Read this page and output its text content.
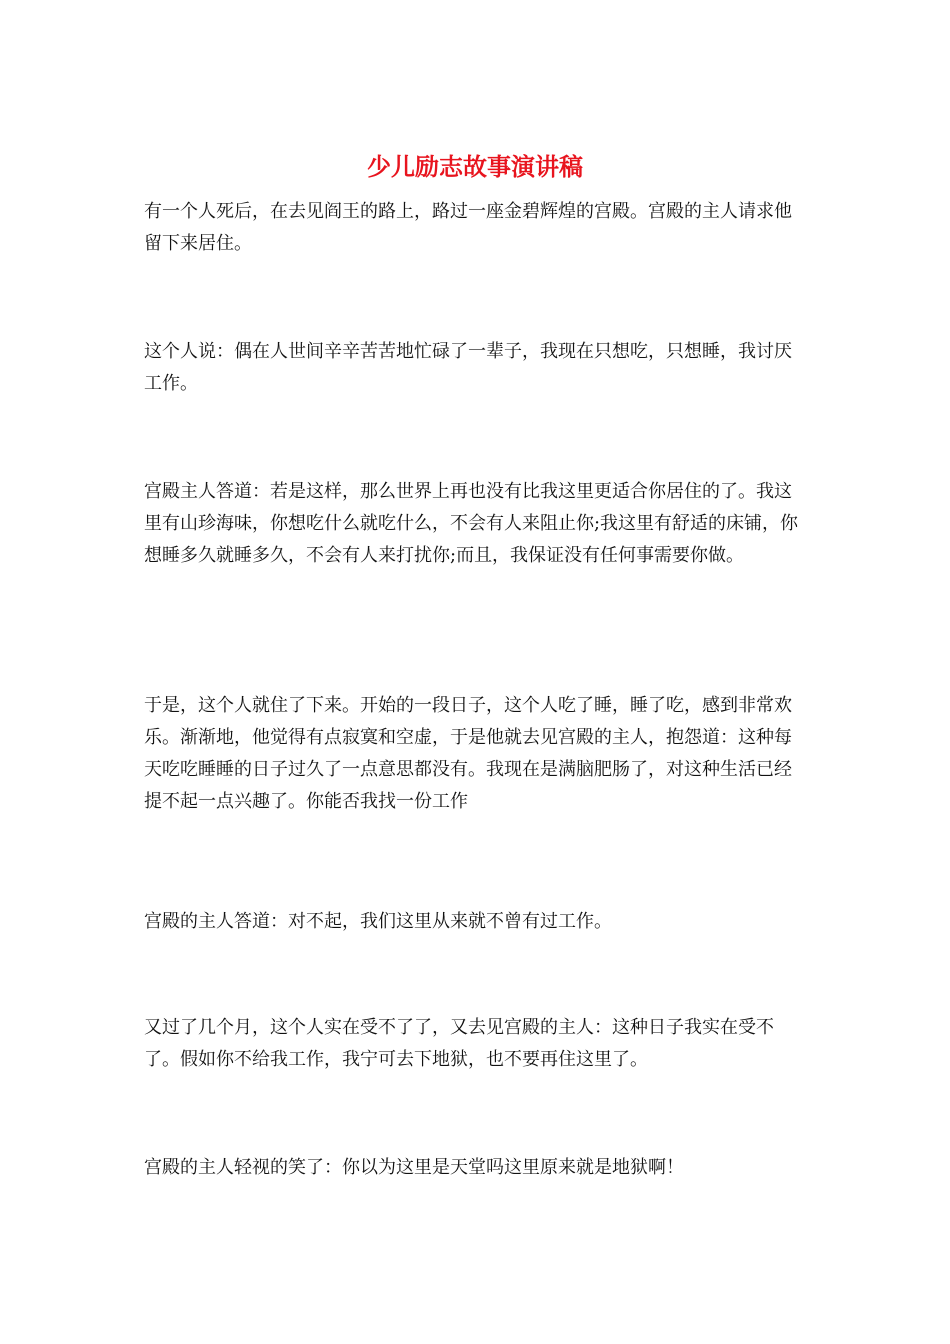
少儿励志故事演讲稿

有一个人死后，在去见阎王的路上，路过一座金碧辉煌的宫殿。宫殿的主人请求他留下来居住。

这个人说：偶在人世间辛辛苦苦地忙碌了一辈子，我现在只想吃，只想睡，我讨厌工作。

宫殿主人答道：若是这样，那么世界上再也没有比我这里更适合你居住的了。我这里有山珍海味，你想吃什么就吃什么，不会有人来阻止你;我这里有舒适的床铺，你想睡多久就睡多久，不会有人来打扰你;而且，我保证没有任何事需要你做。

于是，这个人就住了下来。开始的一段日子，这个人吃了睡，睡了吃，感到非常欢乐。渐渐地，他觉得有点寂寞和空虚，于是他就去见宫殿的主人，抱怨道：这种每天吃吃睡睡的日子过久了一点意思都没有。我现在是满脑肥肠了，对这种生活已经提不起一点兴趣了。你能否我找一份工作

宫殿的主人答道：对不起，我们这里从来就不曾有过工作。

又过了几个月，这个人实在受不了了，又去见宫殿的主人：这种日子我实在受不了。假如你不给我工作，我宁可去下地狱，也不要再住这里了。

宫殿的主人轻视的笑了：你以为这里是天堂吗这里原来就是地狱啊！
